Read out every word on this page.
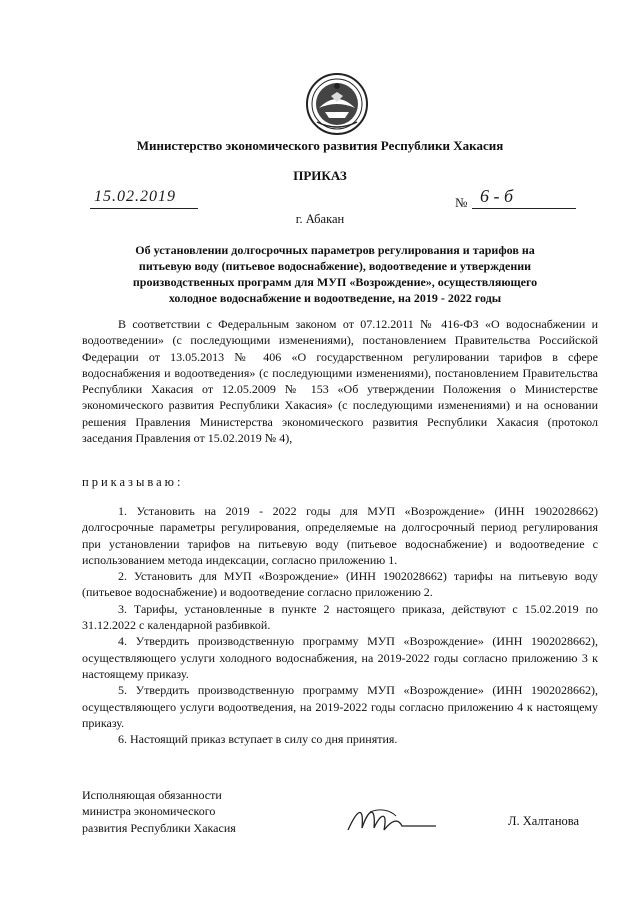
Министерство экономического развития Республики Хакасия
ПРИКАЗ
15.02.2019	№ 6 - б
г. Абакан
Об установлении долгосрочных параметров регулирования и тарифов на
питьевую воду (питьевое водоснабжение), водоотведение и утверждении
производственных программ для МУП «Возрождение», осуществляющего
холодное водоснабжение и водоотведение, на 2019 - 2022 годы
В соответствии с Федеральным законом от 07.12.2011 № 416-ФЗ «О водоснабжении и водоотведении» (с последующими изменениями), постановлением Правительства Российской Федерации от 13.05.2013 № 406 «О государственном регулировании тарифов в сфере водоснабжения и водоотведения» (с последующими изменениями), постановлением Правительства Республики Хакасия от 12.05.2009 № 153 «Об утверждении Положения о Министерстве экономического развития Республики Хакасия» (с последующими изменениями) и на основании решения Правления Министерства экономического развития Республики Хакасия (протокол заседания Правления от 15.02.2019 № 4),
приказываю:

1. Установить на 2019 - 2022 годы для МУП «Возрождение» (ИНН 1902028662) долгосрочные параметры регулирования, определяемые на долгосрочный период регулирования при установлении тарифов на питьевую воду (питьевое водоснабжение) и водоотведение с использованием метода индексации, согласно приложению 1.

2. Установить для МУП «Возрождение» (ИНН 1902028662) тарифы на питьевую воду (питьевое водоснабжение) и водоотведение согласно приложению 2.

3. Тарифы, установленные в пункте 2 настоящего приказа, действуют с 15.02.2019 по 31.12.2022 с календарной разбивкой.

4. Утвердить производственную программу МУП «Возрождение» (ИНН 1902028662), осуществляющего услуги холодного водоснабжения, на 2019-2022 годы согласно приложению 3 к настоящему приказу.

5. Утвердить производственную программу МУП «Возрождение» (ИНН 1902028662), осуществляющего услуги водоотведения, на 2019-2022 годы согласно приложению 4 к настоящему приказу.

6. Настоящий приказ вступает в силу со дня принятия.

Исполняющая обязанности
министра экономического
развития Республики Хакасия	Л. Халтанова
